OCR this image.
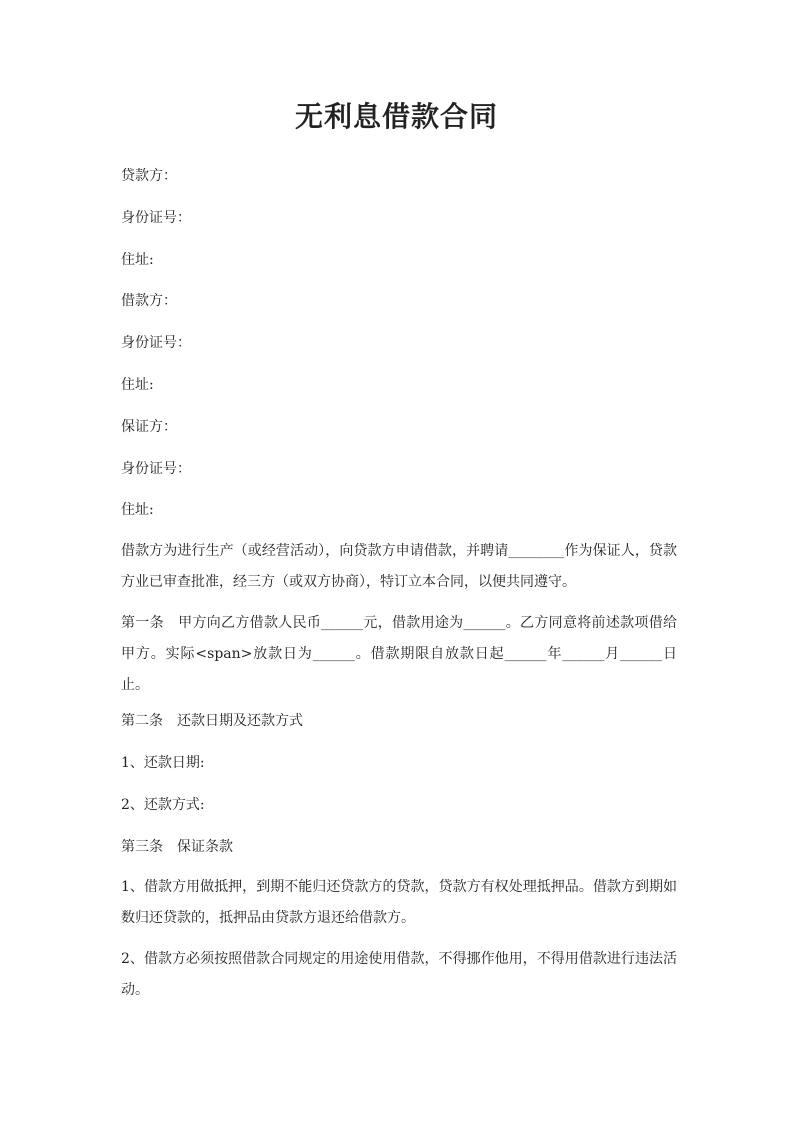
无利息借款合同

贷款方：

身份证号：

住址:

借款方：

身份证号：

住址:

保证方：

身份证号：

住址:

借款方为进行生产（或经营活动），向贷款方申请借款，并聘请________作为保证人，贷款方业已审查批准，经三方（或双方协商），特订立本合同，以便共同遵守。

第一条　甲方向乙方借款人民币______元，借款用途为______。乙方同意将前述款项借给甲方。实际<span>放款日为______。借款期限自放款日起______年______月______日止。

第二条　还款日期及还款方式

1、还款日期:

2、还款方式:

第三条　保证条款

1、借款方用做抵押，到期不能归还贷款方的贷款，贷款方有权处理抵押品。借款方到期如数归还贷款的，抵押品由贷款方退还给借款方。

2、借款方必须按照借款合同规定的用途使用借款，不得挪作他用，不得用借款进行违法活动。
